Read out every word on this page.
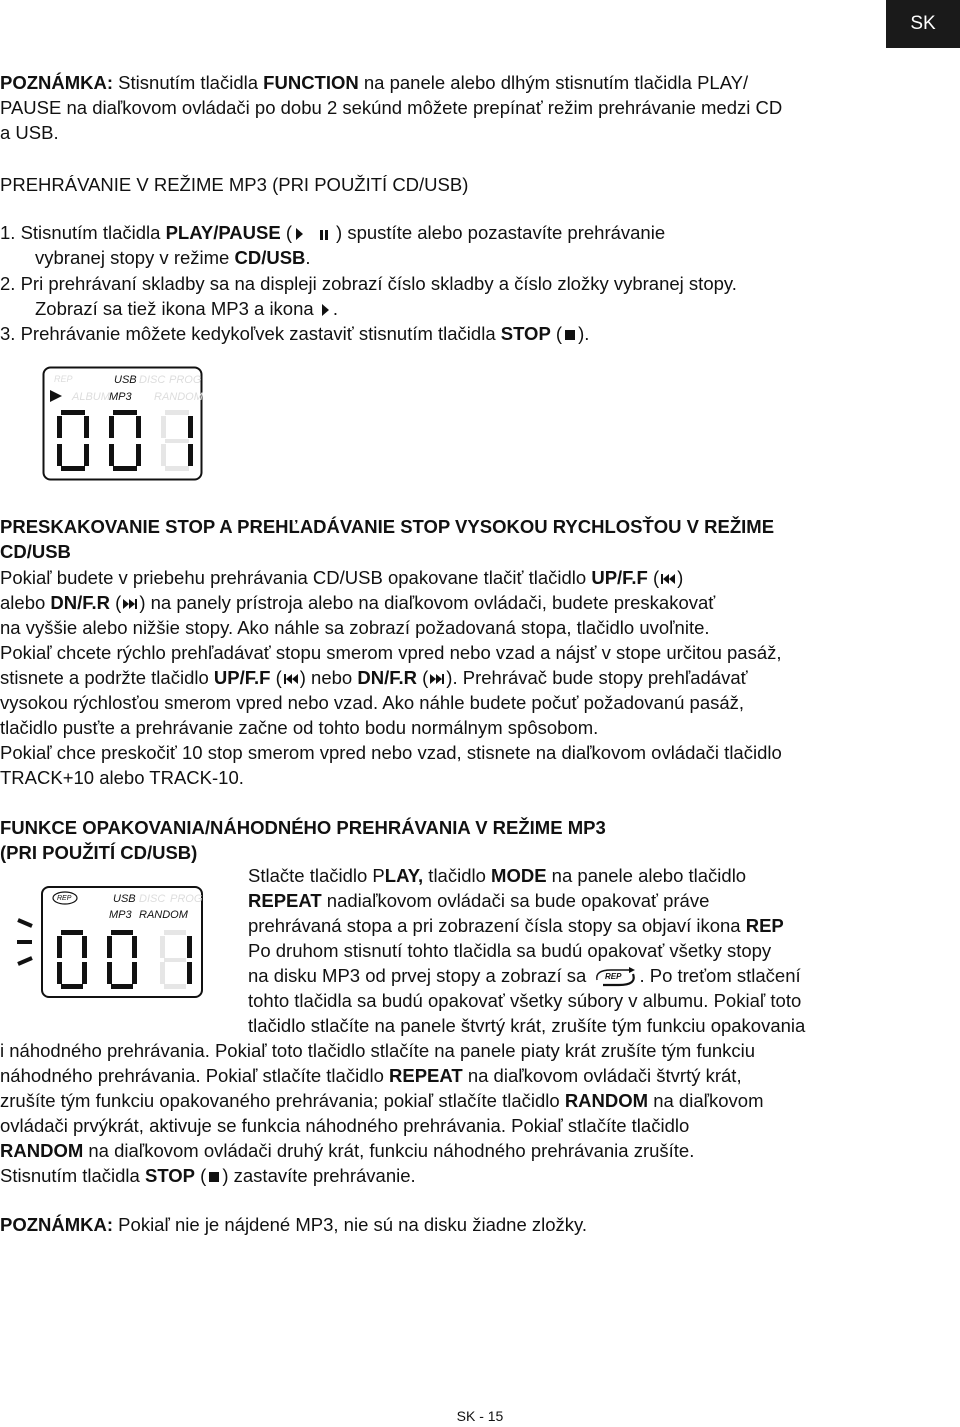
SK

POZNÁMKA: Stisnutím tlačidla FUNCTION na panele alebo dlhým stisnutím tlačidla PLAY/

PAUSE na diaľkovom ovládači po dobu 2 sekúnd môžete prepínať režim prehrávanie medzi CD

a USB.

PREHRÁVANIE V REŽIME MP3 (PRI POUŽITÍ CD/USB)

1. Stisnutím tlačidla PLAY/PAUSE ( ) spustíte alebo pozastavíte prehrávanie

vybranej stopy v režime CD/USB.

2. Pri prehrávaní skladby sa na displeji zobrazí číslo skladby a číslo zložky vybranej stopy.

Zobrazí sa tiež ikona MP3 a ikona .

3. Prehrávanie môžete kedykoľvek zastaviť stisnutím tlačidla STOP ( ).

REP	USB DISC PROG
ALBUM MP3 RANDOM

PRESKAKOVANIE STOP A PREHĽADÁVANIE STOP VYSOKOU RYCHLOSŤOU V REŽIME

CD/USB

Pokiaľ budete v priebehu prehrávania CD/USB opakovane tlačiť tlačidlo UP/F.F ( )

alebo DN/F.R ( ) na panely prístroja alebo na diaľkovom ovládači, budete preskakovať

na vyššie alebo nižšie stopy. Ako náhle sa zobrazí požadovaná stopa, tlačidlo uvoľnite.

Pokiaľ chcete rýchlo prehľadávať stopu smerom vpred nebo vzad a nájsť v stope určitou pasáž,

stisnete a podržte tlačidlo UP/F.F ( ) nebo DN/F.R ( ). Prehrávač bude stopy prehľadávať

vysokou rýchlosťou smerom vpred nebo vzad. Ako náhle budete počuť požadovanú pasáž,

tlačidlo pusťte a prehrávanie začne od tohto bodu normálnym spôsobom.

Pokiaľ chce preskočiť 10 stop smerom vpred nebo vzad, stisnete na diaľkovom ovládači tlačidlo

TRACK+10 alebo TRACK-10.

FUNKCE OPAKOVANIA/NÁHODNÉHO PREHRÁVANIA V REŽIME MP3

(PRI POUŽITÍ CD/USB)

REP	USB DISC PROG
MP3 RANDOM

Stlačte tlačidlo PLAY, tlačidlo MODE na panele alebo tlačidlo

REPEAT nadiaľkovom ovládači sa bude opakovať práve

prehrávaná stopa a pri zobrazení čísla stopy sa objaví ikona REP

Po druhom stisnutí tohto tlačidla sa budú opakovať všetky stopy

na disku MP3 od prvej stopy a zobrazí sa REP . Po treťom stlačení

tohto tlačidla sa budú opakovať všetky súbory v albumu. Pokiaľ toto

tlačidlo stlačíte na panele štvrtý krát, zrušíte tým funkciu opakovania

i náhodného prehrávania. Pokiaľ toto tlačidlo stlačíte na panele piaty krát zrušíte tým funkciu

náhodného prehrávania. Pokiaľ stlačíte tlačidlo REPEAT na diaľkovom ovládači štvrtý krát,

zrušíte tým funkciu opakovaného prehrávania; pokiaľ stlačíte tlačidlo RANDOM na diaľkovom

ovládači prvýkrát, aktivuje se funkcia náhodného prehrávania. Pokiaľ stlačíte tlačidlo

RANDOM na diaľkovom ovládači druhý krát, funkciu náhodného prehrávania zrušíte.

Stisnutím tlačidla STOP ( ) zastavíte prehrávanie.

POZNÁMKA: Pokiaľ nie je nájdené MP3, nie sú na disku žiadne zložky.

SK - 15
